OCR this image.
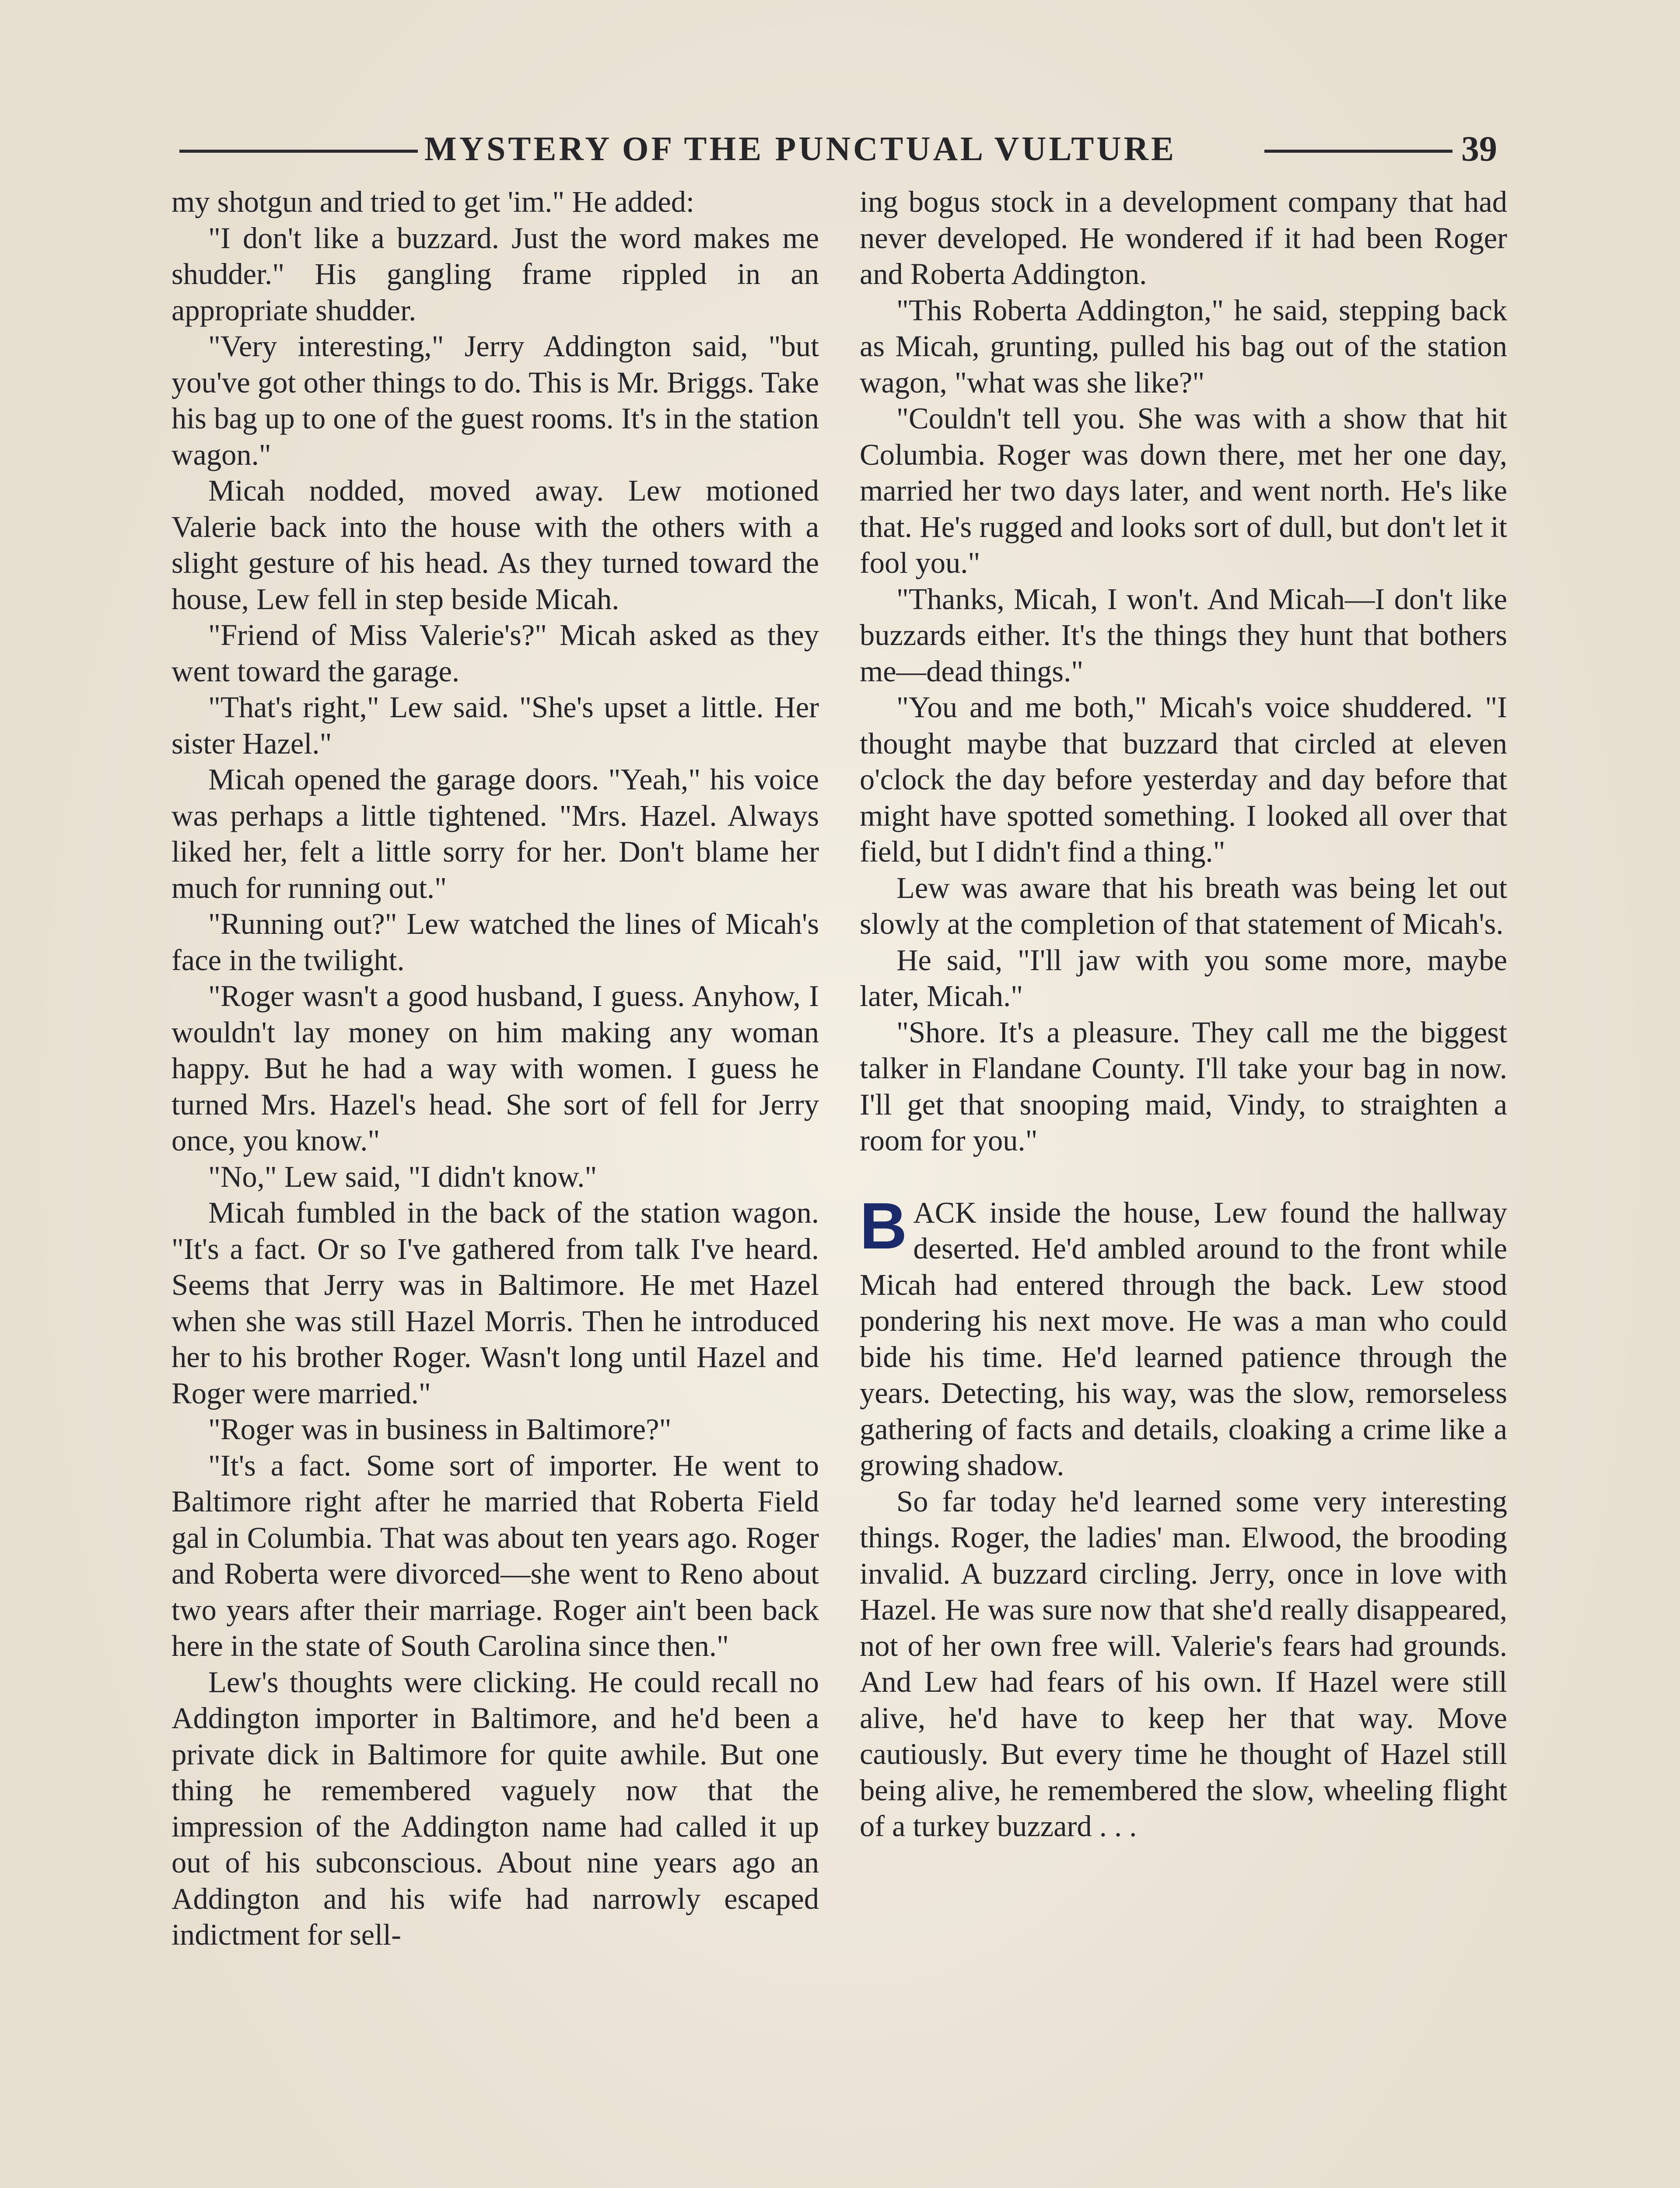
MYSTERY OF THE PUNCTUAL VULTURE	39

my shotgun and tried to get 'im." He added:

"I don't like a buzzard. Just the word makes me shudder." His gangling frame rippled in an appropriate shudder.

"Very interesting," Jerry Addington said, "but you've got other things to do. This is Mr. Briggs. Take his bag up to one of the guest rooms. It's in the station wagon."

Micah nodded, moved away. Lew motioned Valerie back into the house with the others with a slight gesture of his head. As they turned toward the house, Lew fell in step beside Micah.

"Friend of Miss Valerie's?" Micah asked as they went toward the garage.

"That's right," Lew said. "She's upset a little. Her sister Hazel."

Micah opened the garage doors. "Yeah," his voice was perhaps a little tightened. "Mrs. Hazel. Always liked her, felt a little sorry for her. Don't blame her much for running out."

"Running out?" Lew watched the lines of Micah's face in the twilight.

"Roger wasn't a good husband, I guess. Anyhow, I wouldn't lay money on him making any woman happy. But he had a way with women. I guess he turned Mrs. Hazel's head. She sort of fell for Jerry once, you know."

"No," Lew said, "I didn't know."

Micah fumbled in the back of the station wagon. "It's a fact. Or so I've gathered from talk I've heard. Seems that Jerry was in Baltimore. He met Hazel when she was still Hazel Morris. Then he introduced her to his brother Roger. Wasn't long until Hazel and Roger were married."

"Roger was in business in Baltimore?"

"It's a fact. Some sort of importer. He went to Baltimore right after he married that Roberta Field gal in Columbia. That was about ten years ago. Roger and Roberta were divorced—she went to Reno about two years after their marriage. Roger ain't been back here in the state of South Carolina since then."

Lew's thoughts were clicking. He could recall no Addington importer in Baltimore, and he'd been a private dick in Baltimore for quite awhile. But one thing he remembered vaguely now that the impression of the Addington name had called it up out of his subconscious. About nine years ago an Addington and his wife had narrowly escaped indictment for sell-

ing bogus stock in a development company that had never developed. He wondered if it had been Roger and Roberta Addington.

"This Roberta Addington," he said, stepping back as Micah, grunting, pulled his bag out of the station wagon, "what was she like?"

"Couldn't tell you. She was with a show that hit Columbia. Roger was down there, met her one day, married her two days later, and went north. He's like that. He's rugged and looks sort of dull, but don't let it fool you."

"Thanks, Micah, I won't. And Micah—I don't like buzzards either. It's the things they hunt that bothers me—dead things."

"You and me both," Micah's voice shuddered. "I thought maybe that buzzard that circled at eleven o'clock the day before yesterday and day before that might have spotted something. I looked all over that field, but I didn't find a thing."

Lew was aware that his breath was being let out slowly at the completion of that statement of Micah's.

He said, "I'll jaw with you some more, maybe later, Micah."

"Shore. It's a pleasure. They call me the biggest talker in Flandane County. I'll take your bag in now. I'll get that snooping maid, Vindy, to straighten a room for you."

BACK inside the house, Lew found the hallway deserted. He'd ambled around to the front while Micah had entered through the back. Lew stood pondering his next move. He was a man who could bide his time. He'd learned patience through the years. Detecting, his way, was the slow, remorseless gathering of facts and details, cloaking a crime like a growing shadow.

So far today he'd learned some very interesting things. Roger, the ladies' man. Elwood, the brooding invalid. A buzzard circling. Jerry, once in love with Hazel. He was sure now that she'd really disappeared, not of her own free will. Valerie's fears had grounds. And Lew had fears of his own. If Hazel were still alive, he'd have to keep her that way. Move cautiously. But every time he thought of Hazel still being alive, he remembered the slow, wheeling flight of a turkey buzzard . . .
